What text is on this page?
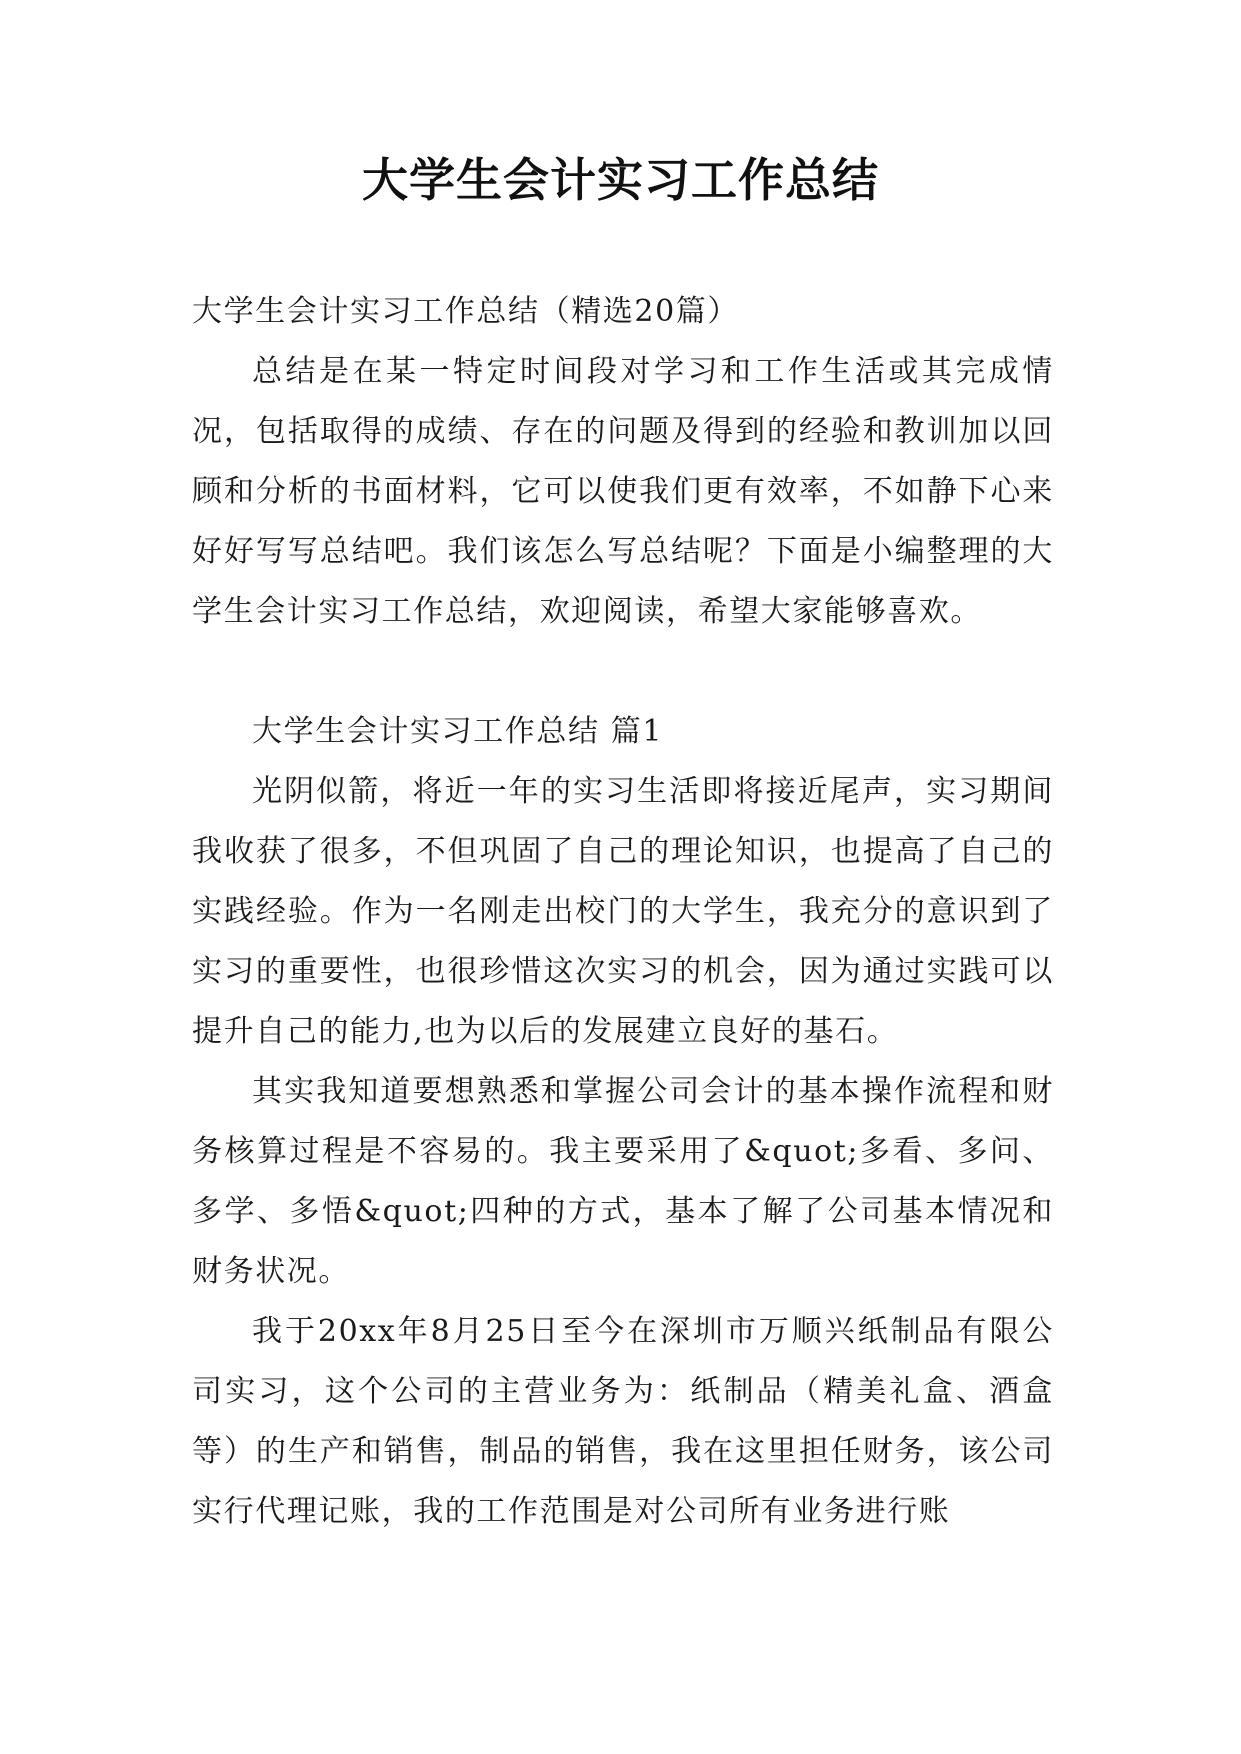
大学生会计实习工作总结

大学生会计实习工作总结（精选20篇）

总结是在某一特定时间段对学习和工作生活或其完成情况，包括取得的成绩、存在的问题及得到的经验和教训加以回顾和分析的书面材料，它可以使我们更有效率，不如静下心来好好写写总结吧。我们该怎么写总结呢？下面是小编整理的大学生会计实习工作总结，欢迎阅读，希望大家能够喜欢。

大学生会计实习工作总结 篇1

光阴似箭，将近一年的实习生活即将接近尾声，实习期间我收获了很多，不但巩固了自己的理论知识，也提高了自己的实践经验。作为一名刚走出校门的大学生，我充分的意识到了实习的重要性，也很珍惜这次实习的机会，因为通过实践可以提升自己的能力,也为以后的发展建立良好的基石。

其实我知道要想熟悉和掌握公司会计的基本操作流程和财务核算过程是不容易的。我主要采用了&quot;多看、多问、多学、多悟&quot;四种的方式，基本了解了公司基本情况和财务状况。

我于20xx年8月25日至今在深圳市万顺兴纸制品有限公司实习，这个公司的主营业务为：纸制品（精美礼盒、酒盒等）的生产和销售，制品的销售，我在这里担任财务，该公司实行代理记账，我的工作范围是对公司所有业务进行账
